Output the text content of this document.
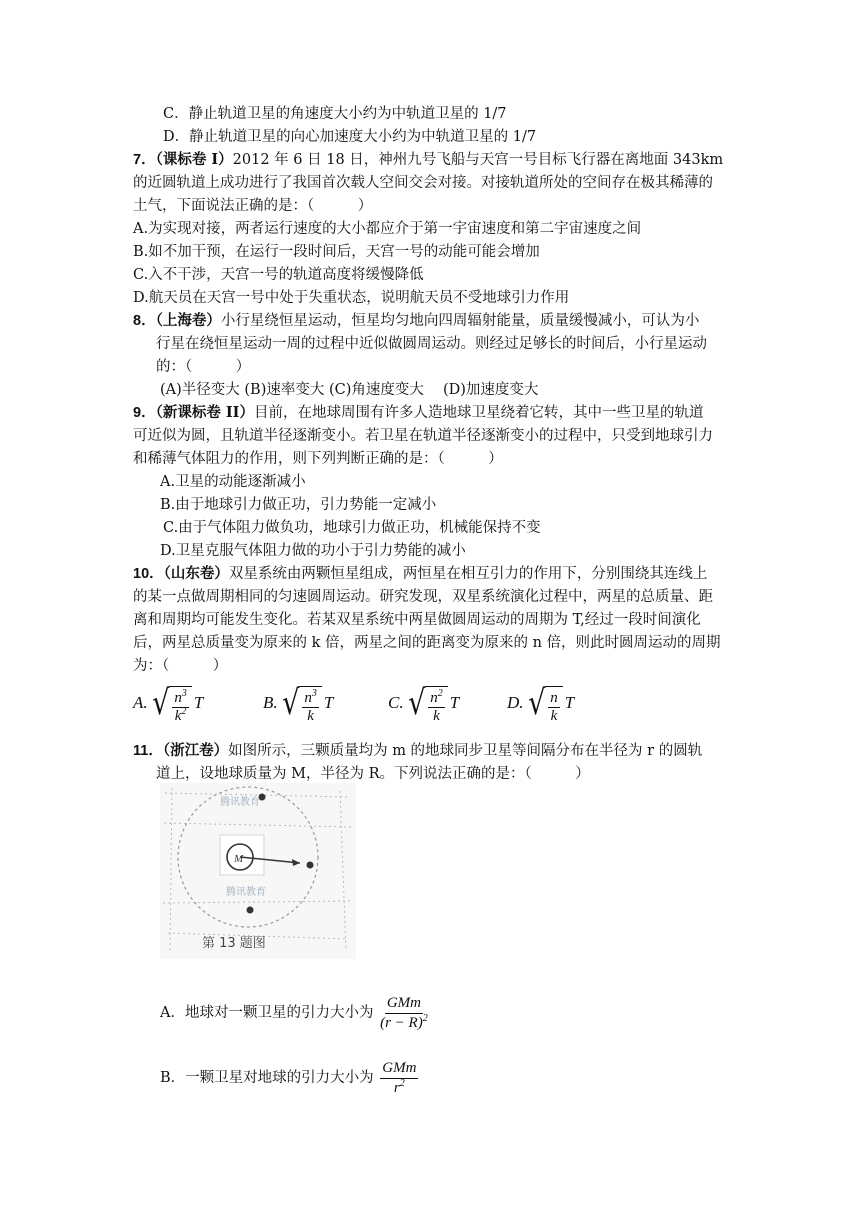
C．静止轨道卫星的角速度大小约为中轨道卫星的 1/7
D．静止轨道卫星的向心加速度大小约为中轨道卫星的 1/7
7．（课标卷 I）2012 年 6 日 18 日，神州九号飞船与天宫一号目标飞行器在离地面 343km
的近圆轨道上成功进行了我国首次载人空间交会对接。对接轨道所处的空间存在极其稀薄的
土气，下面说法正确的是：（　　　）
A.为实现对接，两者运行速度的大小都应介于第一宇宙速度和第二宇宙速度之间
B.如不加干预，在运行一段时间后，天宫一号的动能可能会增加
C.入不干涉，天宫一号的轨道高度将缓慢降低
D.航天员在天宫一号中处于失重状态，说明航天员不受地球引力作用
8．（上海卷）小行星绕恒星运动，恒星均匀地向四周辐射能量，质量缓慢减小，可认为小
行星在绕恒星运动一周的过程中近似做圆周运动。则经过足够长的时间后，小行星运动
的：（　　　）
(A)半径变大 (B)速率变大 (C)角速度变大　 (D)加速度变大
9．（新课标卷 II）目前，在地球周围有许多人造地球卫星绕着它转，其中一些卫星的轨道
可近似为圆，且轨道半径逐渐变小。若卫星在轨道半径逐渐变小的过程中，只受到地球引力
和稀薄气体阻力的作用，则下列判断正确的是：（　　　）
A.卫星的动能逐渐减小
B.由于地球引力做正功，引力势能一定减小
C.由于气体阻力做负功，地球引力做正功，机械能保持不变
D.卫星克服气体阻力做的功小于引力势能的减小
10．（山东卷）双星系统由两颗恒星组成，两恒星在相互引力的作用下，分别围绕其连线上
的某一点做周期相同的匀速圆周运动。研究发现，双星系统演化过程中，两星的总质量、距
离和周期均可能发生变化。若某双星系统中两星做圆周运动的周期为 T,经过一段时间演化
后，两星总质量变为原来的 k 倍，两星之间的距离变为原来的 n 倍，则此时圆周运动的周期
为：（　　　）
11．（浙江卷）如图所示，三颗质量均为 m 的地球同步卫星等间隔分布在半径为 r 的圆轨
道上，设地球质量为 M，半径为 R。下列说法正确的是：（　　　）
A. √ $\frac{n^3}{k^2}$ T	B. √ $\frac{n^3}{k}$ T	C. √ $\frac{n^2}{k}$ T	D. √ $\frac{n}{k}$ T
M
腾讯教育
腾讯教育
第 13 题图
A．地球对一颗卫星的引力大小为 $\frac{\text{GMm}}{(r - R)^2}$
B．一颗卫星对地球的引力大小为 $\frac{\text{GMm}}{r^2}$
